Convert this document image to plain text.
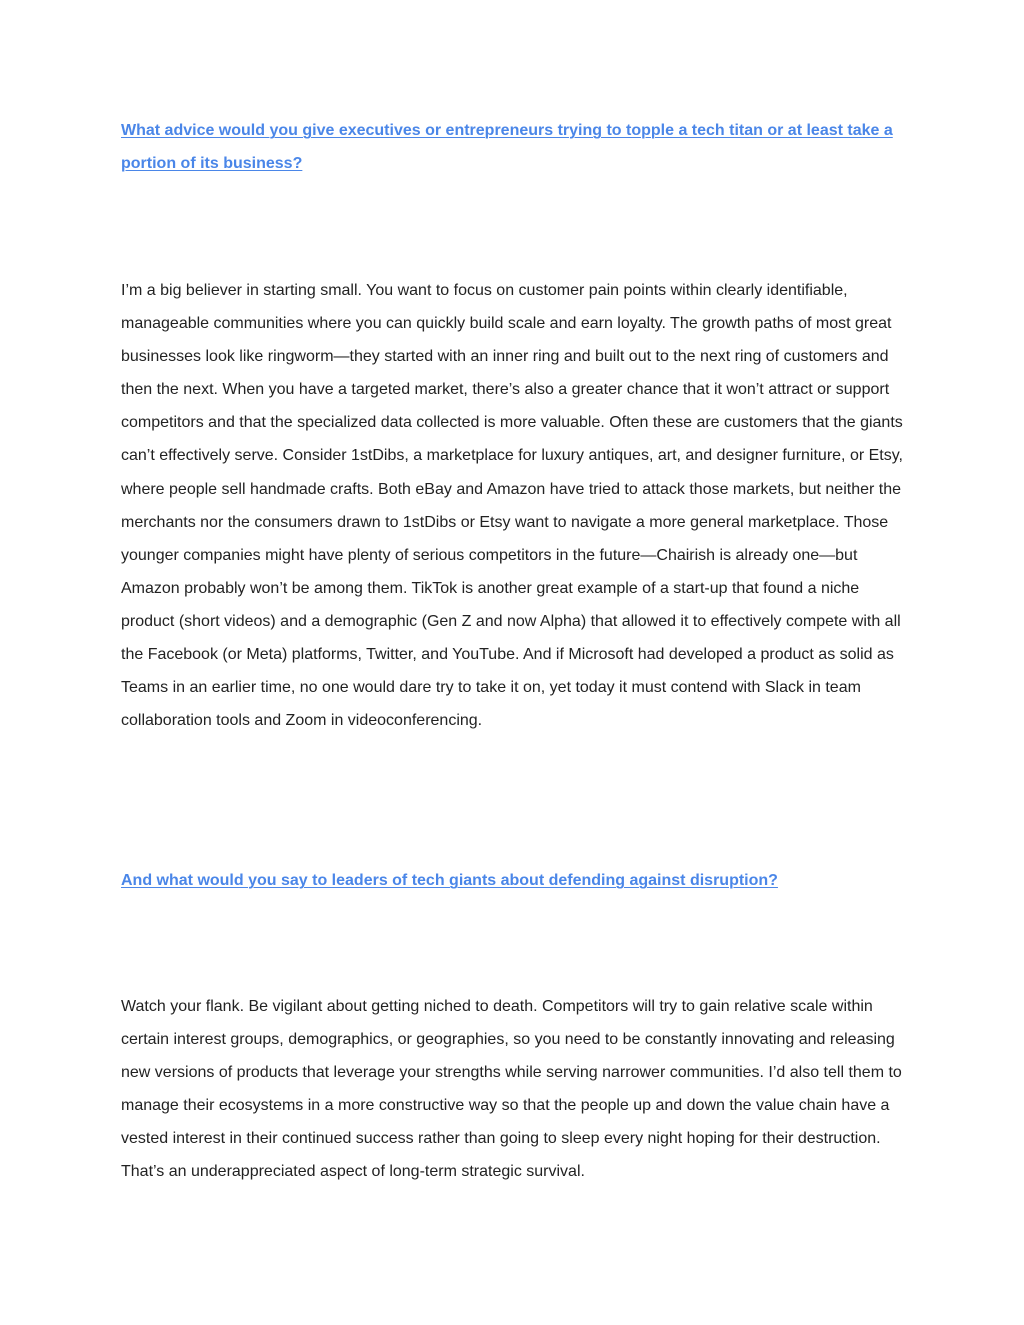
What advice would you give executives or entrepreneurs trying to topple a tech titan or at least take a portion of its business?

I’m a big believer in starting small. You want to focus on customer pain points within clearly identifiable, manageable communities where you can quickly build scale and earn loyalty. The growth paths of most great businesses look like ringworm—they started with an inner ring and built out to the next ring of customers and then the next. When you have a targeted market, there’s also a greater chance that it won’t attract or support competitors and that the specialized data collected is more valuable. Often these are customers that the giants can’t effectively serve. Consider 1stDibs, a marketplace for luxury antiques, art, and designer furniture, or Etsy, where people sell handmade crafts. Both eBay and Amazon have tried to attack those markets, but neither the merchants nor the consumers drawn to 1stDibs or Etsy want to navigate a more general marketplace. Those younger companies might have plenty of serious competitors in the future—Chairish is already one—but Amazon probably won’t be among them. TikTok is another great example of a start-up that found a niche product (short videos) and a demographic (Gen Z and now Alpha) that allowed it to effectively compete with all the Facebook (or Meta) platforms, Twitter, and YouTube. And if Microsoft had developed a product as solid as Teams in an earlier time, no one would dare try to take it on, yet today it must contend with Slack in team collaboration tools and Zoom in videoconferencing.

And what would you say to leaders of tech giants about defending against disruption?

Watch your flank. Be vigilant about getting niched to death. Competitors will try to gain relative scale within certain interest groups, demographics, or geographies, so you need to be constantly innovating and releasing new versions of products that leverage your strengths while serving narrower communities. I’d also tell them to manage their ecosystems in a more constructive way so that the people up and down the value chain have a vested interest in their continued success rather than going to sleep every night hoping for their destruction. That’s an underappreciated aspect of long-term strategic survival.
